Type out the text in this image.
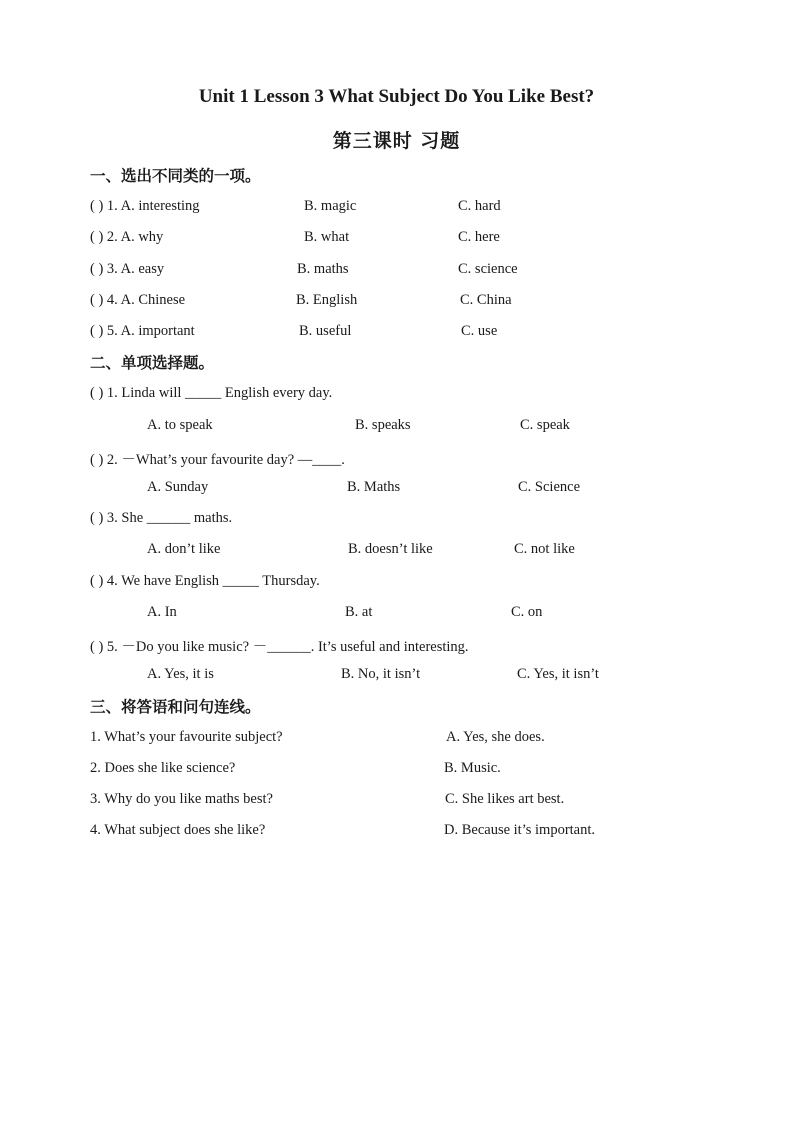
Unit 1 Lesson 3 What Subject Do You Like Best?
第三课时 习题
一、选出不同类的一项。
( ) 1. A. interesting	B. magic	C. hard
( ) 2. A. why	B. what	C. here
( ) 3. A. easy	B. maths	C. science
( ) 4. A. Chinese	B. English	C. China
( ) 5. A. important	B. useful	C. use
二、单项选择题。
( ) 1. Linda will _____ English every day.
A. to speak	B. speaks	C. speak
( ) 2. －What’s your favourite day? —____.
A. Sunday	B. Maths	C. Science
( ) 3. She ______ maths.
A. don’t like	B. doesn’t like	C. not like
( ) 4. We have English _____ Thursday.
A. In	B. at	C. on
( ) 5. －Do you like music? －______. It’s useful and interesting.
A. Yes, it is	B. No, it isn’t	C. Yes, it isn’t
三、将答语和问句连线。
1. What’s your favourite subject?	A. Yes, she does.
2. Does she like science?	B. Music.
3. Why do you like maths best?	C. She likes art best.
4. What subject does she like?	D. Because it’s important.
